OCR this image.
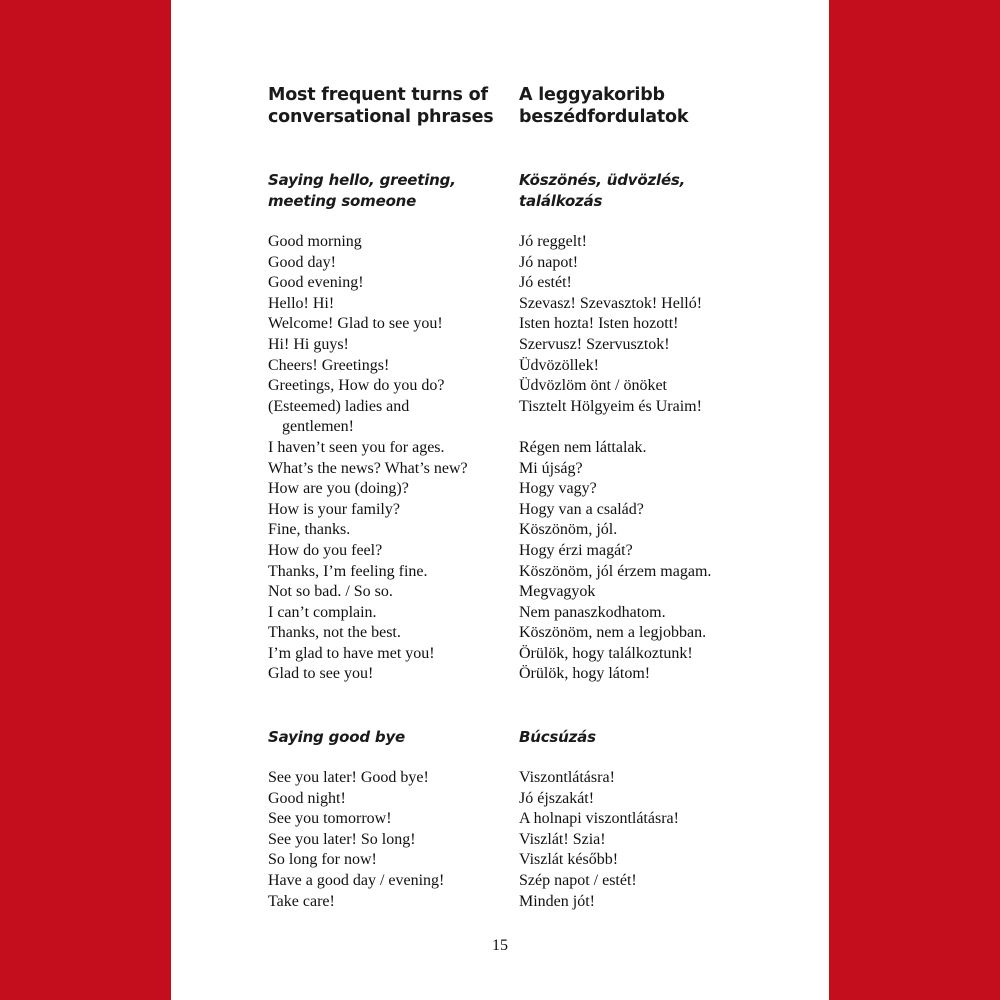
Most frequent turns of
conversational phrases
Saying hello, greeting,
meeting someone
Good morning
Good day!
Good evening!
Hello! Hi!
Welcome! Glad to see you!
Hi! Hi guys!
Cheers! Greetings!
Greetings, How do you do?
(Esteemed) ladies and
gentlemen!
I haven’t seen you for ages.
What’s the news? What’s new?
How are you (doing)?
How is your family?
Fine, thanks.
How do you feel?
Thanks, I’m feeling fine.
Not so bad. / So so.
I can’t complain.
Thanks, not the best.
I’m glad to have met you!
Glad to see you!
Saying good bye
See you later! Good bye!
Good night!
See you tomorrow!
See you later! So long!
So long for now!
Have a good day / evening!
Take care!
A leggyakoribb
beszédfordulatok
Köszönés, üdvözlés,
találkozás
Jó reggelt!
Jó napot!
Jó estét!
Szevasz! Szevasztok! Helló!
Isten hozta! Isten hozott!
Szervusz! Szervusztok!
Üdvözöllek!
Üdvözlöm önt / önöket
Tisztelt Hölgyeim és Uraim!
Régen nem láttalak.
Mi újság?
Hogy vagy?
Hogy van a család?
Köszönöm, jól.
Hogy érzi magát?
Köszönöm, jól érzem magam.
Megvagyok
Nem panaszkodhatom.
Köszönöm, nem a legjobban.
Örülök, hogy találkoztunk!
Örülök, hogy látom!
Búcsúzás
Viszontlátásra!
Jó éjszakát!
A holnapi viszontlátásra!
Viszlát! Szia!
Viszlát később!
Szép napot / estét!
Minden jót!
15
